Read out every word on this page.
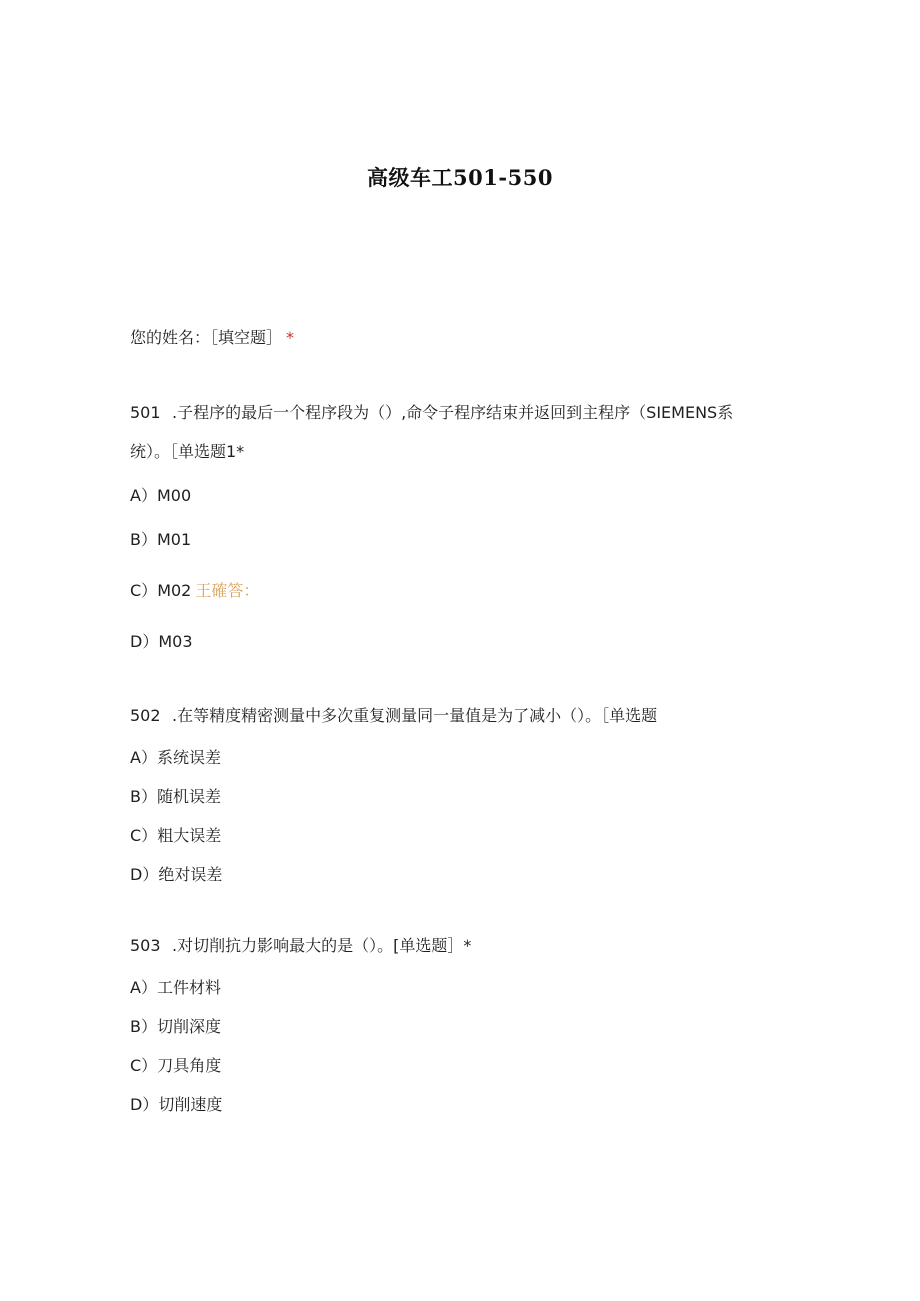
高级车工501-550
您的姓名：［填空题］ *
501 .子程序的最后一个程序段为（）,命令子程序结束并返回到主程序（SIEMENS系
统）。［单选题1*
A）M00
B）M01
C）M02 王確答：
D）M03
502 .在等精度精密测量中多次重复测量同一量值是为了减小（）。［单选题
A）系统误差
B）随机误差
C）粗大误差
D）绝对误差
503 .对切削抗力影响最大的是（）。[单选题］*
A）工件材料
B）切削深度
C）刀具角度
D）切削速度
